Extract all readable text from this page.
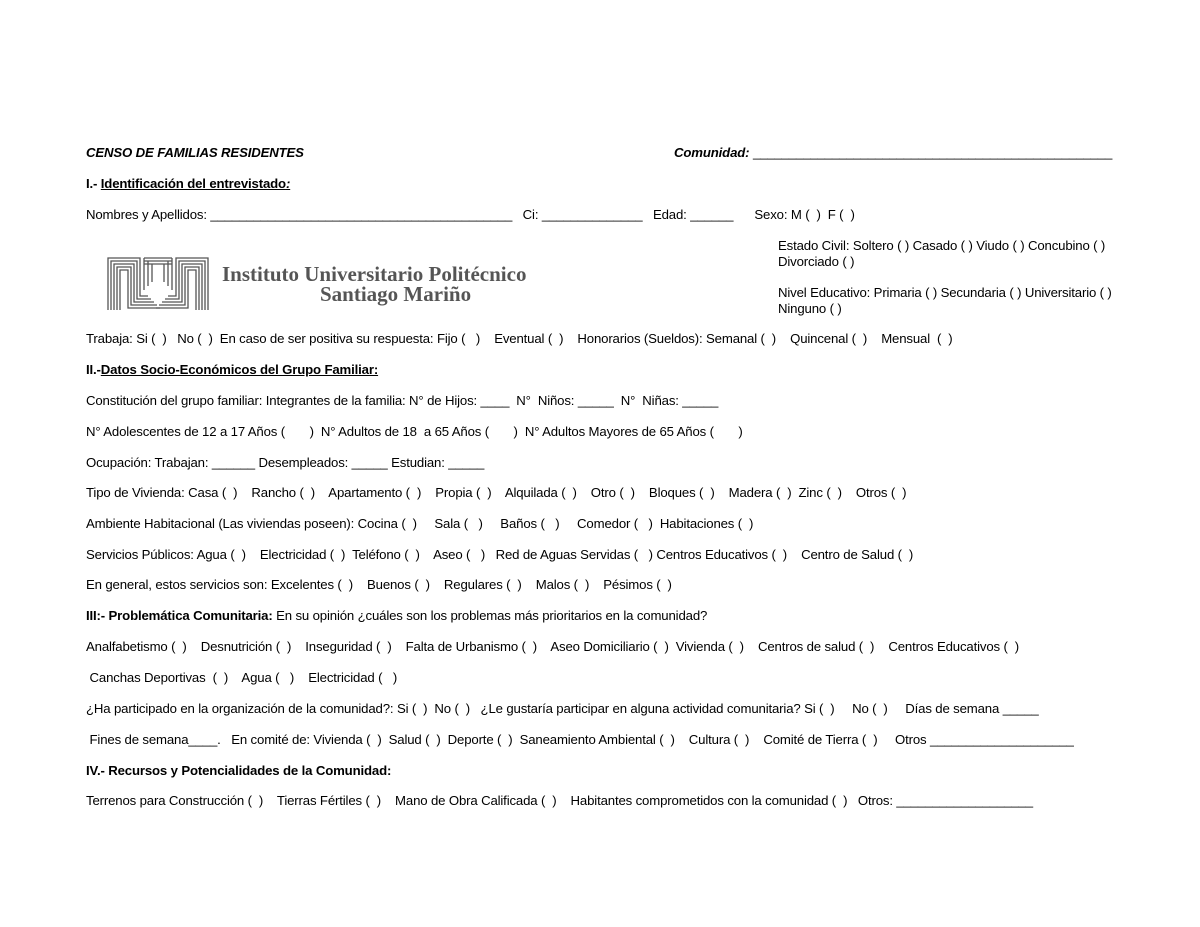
CENSO DE FAMILIAS RESIDENTES	Comunidad: __________________________________________________
I.- Identificación del entrevistado:
Nombres y Apellidos: __________________________________________   Ci: ______________   Edad: ______      Sexo: M (  )  F (  )
Estado Civil: Soltero ( ) Casado ( ) Viudo ( ) Concubino ( ) Divorciado ( )
Nivel Educativo: Primaria ( ) Secundaria ( ) Universitario ( ) Ninguno ( )
Instituto Universitario Politécnico
Santiago Mariño
Trabaja: Si (  )   No (  )  En caso de ser positiva su respuesta: Fijo (   )    Eventual (  )    Honorarios (Sueldos): Semanal (  )    Quincenal (  )    Mensual  (  )
II.-Datos Socio-Económicos del Grupo Familiar:
Constitución del grupo familiar: Integrantes de la familia: N° de Hijos: ____  N°  Niños: _____  N°  Niñas: _____
N° Adolescentes de 12 a 17 Años (       )  N° Adultos de 18  a 65 Años (       )  N° Adultos Mayores de 65 Años (       )
Ocupación: Trabajan: ______ Desempleados: _____ Estudian: _____
Tipo de Vivienda: Casa (  )    Rancho (  )    Apartamento (  )    Propia (  )    Alquilada (  )    Otro (  )    Bloques (  )    Madera (  )  Zinc (  )    Otros (  )
Ambiente Habitacional (Las viviendas poseen): Cocina (  )     Sala (   )     Baños (   )     Comedor (   )  Habitaciones (  )
Servicios Públicos: Agua (  )    Electricidad (  )  Teléfono (  )    Aseo (   )   Red de Aguas Servidas (   ) Centros Educativos (  )    Centro de Salud (  )
En general, estos servicios son: Excelentes (  )    Buenos (  )    Regulares (  )    Malos (  )    Pésimos (  )
III:- Problemática Comunitaria: En su opinión ¿cuáles son los problemas más prioritarios en la comunidad?
Analfabetismo (  )    Desnutrición (  )    Inseguridad (  )    Falta de Urbanismo (  )    Aseo Domiciliario (  )  Vivienda (  )    Centros de salud (  )    Centros Educativos (  )
Canchas Deportivas  (  )    Agua (   )    Electricidad (   )
¿Ha participado en la organización de la comunidad?: Si (  )  No (  )   ¿Le gustaría participar en alguna actividad comunitaria? Si (  )     No (  )     Días de semana _____
Fines de semana____.   En comité de: Vivienda (  )  Salud (  )  Deporte (  )  Saneamiento Ambiental (  )    Cultura (  )    Comité de Tierra (  )     Otros ____________________
IV.- Recursos y Potencialidades de la Comunidad:
Terrenos para Construcción (  )    Tierras Fértiles (  )    Mano de Obra Calificada (  )    Habitantes comprometidos con la comunidad (  )   Otros: ___________________
